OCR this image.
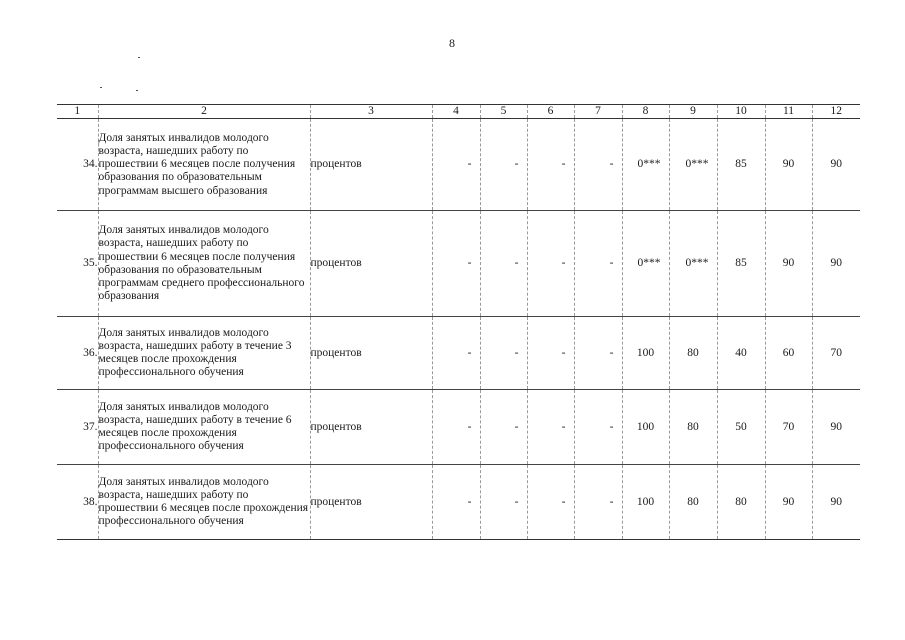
8
1	2	3	4	5	6	7	8	9	10	11	12
34.	Доля занятых инвалидов молодого возраста, нашедших работу по прошествии 6 месяцев после получения образования по образовательным программам высшего образования	процентов	-	-	-	-	0***	0***	85	90	90
35.	Доля занятых инвалидов молодого возраста, нашедших работу по прошествии 6 месяцев после получения образования по образовательным программам среднего профессионального образования	процентов	-	-	-	-	0***	0***	85	90	90
36.	Доля занятых инвалидов молодого возраста, нашедших работу в течение 3 месяцев после прохождения профессионального обучения	процентов	-	-	-	-	100	80	40	60	70
37.	Доля занятых инвалидов молодого возраста, нашедших работу в течение 6 месяцев после прохождения профессионального обучения	процентов	-	-	-	-	100	80	50	70	90
38.	Доля занятых инвалидов молодого возраста, нашедших работу по прошествии 6 месяцев после прохождения профессионального обучения	процентов	-	-	-	-	100	80	80	90	90
